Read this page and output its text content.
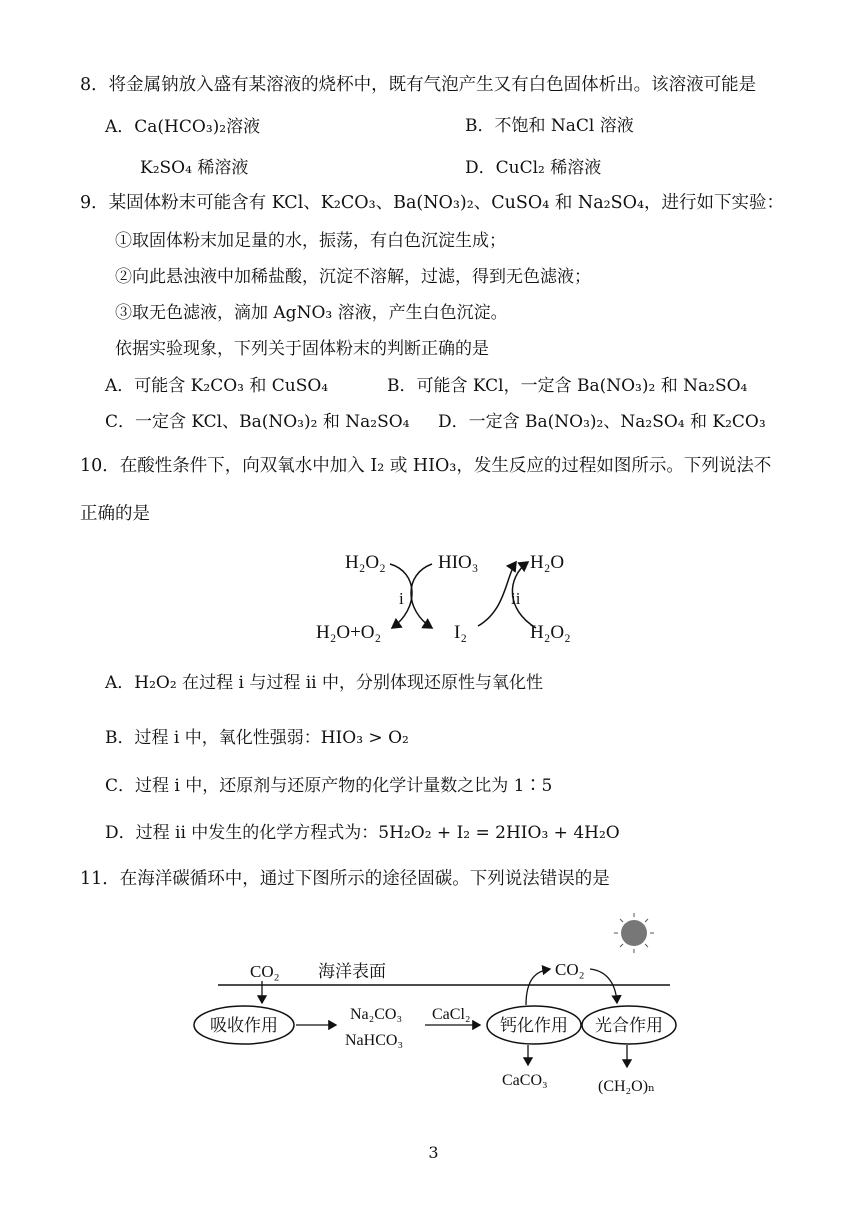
8．将金属钠放入盛有某溶液的烧杯中，既有气泡产生又有白色固体析出。该溶液可能是
A．Ca(HCO₃)₂溶液	B．不饱和 NaCl 溶液
K₂SO₄ 稀溶液	D．CuCl₂ 稀溶液
9．某固体粉末可能含有 KCl、K₂CO₃、Ba(NO₃)₂、CuSO₄ 和 Na₂SO₄，进行如下实验：
①取固体粉末加足量的水，振荡，有白色沉淀生成；
②向此悬浊液中加稀盐酸，沉淀不溶解，过滤，得到无色滤液；
③取无色滤液，滴加 AgNO₃ 溶液，产生白色沉淀。
依据实验现象，下列关于固体粉末的判断正确的是
A．可能含 K₂CO₃ 和 CuSO₄	B．可能含 KCl，一定含 Ba(NO₃)₂ 和 Na₂SO₄
C．一定含 KCl、Ba(NO₃)₂ 和 Na₂SO₄ D．一定含 Ba(NO₃)₂、Na₂SO₄ 和 K₂CO₃
10．在酸性条件下，向双氧水中加入 I₂ 或 HIO₃，发生反应的过程如图所示。下列说法不
正确的是
H₂O₂	HIO₃	H₂O
i	ii
H₂O+O₂	I₂	H₂O₂
A．H₂O₂ 在过程 i 与过程 ii 中，分别体现还原性与氧化性
B．过程 i 中，氧化性强弱：HIO₃ > O₂
C．过程 i 中，还原剂与还原产物的化学计量数之比为 1∶5
D．过程 ii 中发生的化学方程式为：5H₂O₂ + I₂ = 2HIO₃ + 4H₂O
11．在海洋碳循环中，通过下图所示的途径固碳。下列说法错误的是
CO₂ 海洋表面
吸收作用
Na₂CO₃
NaHCO₃
CaCl₂
钙化作用 光合作用
CO₂
CaCO₃	(CH₂O)ₙ
3
